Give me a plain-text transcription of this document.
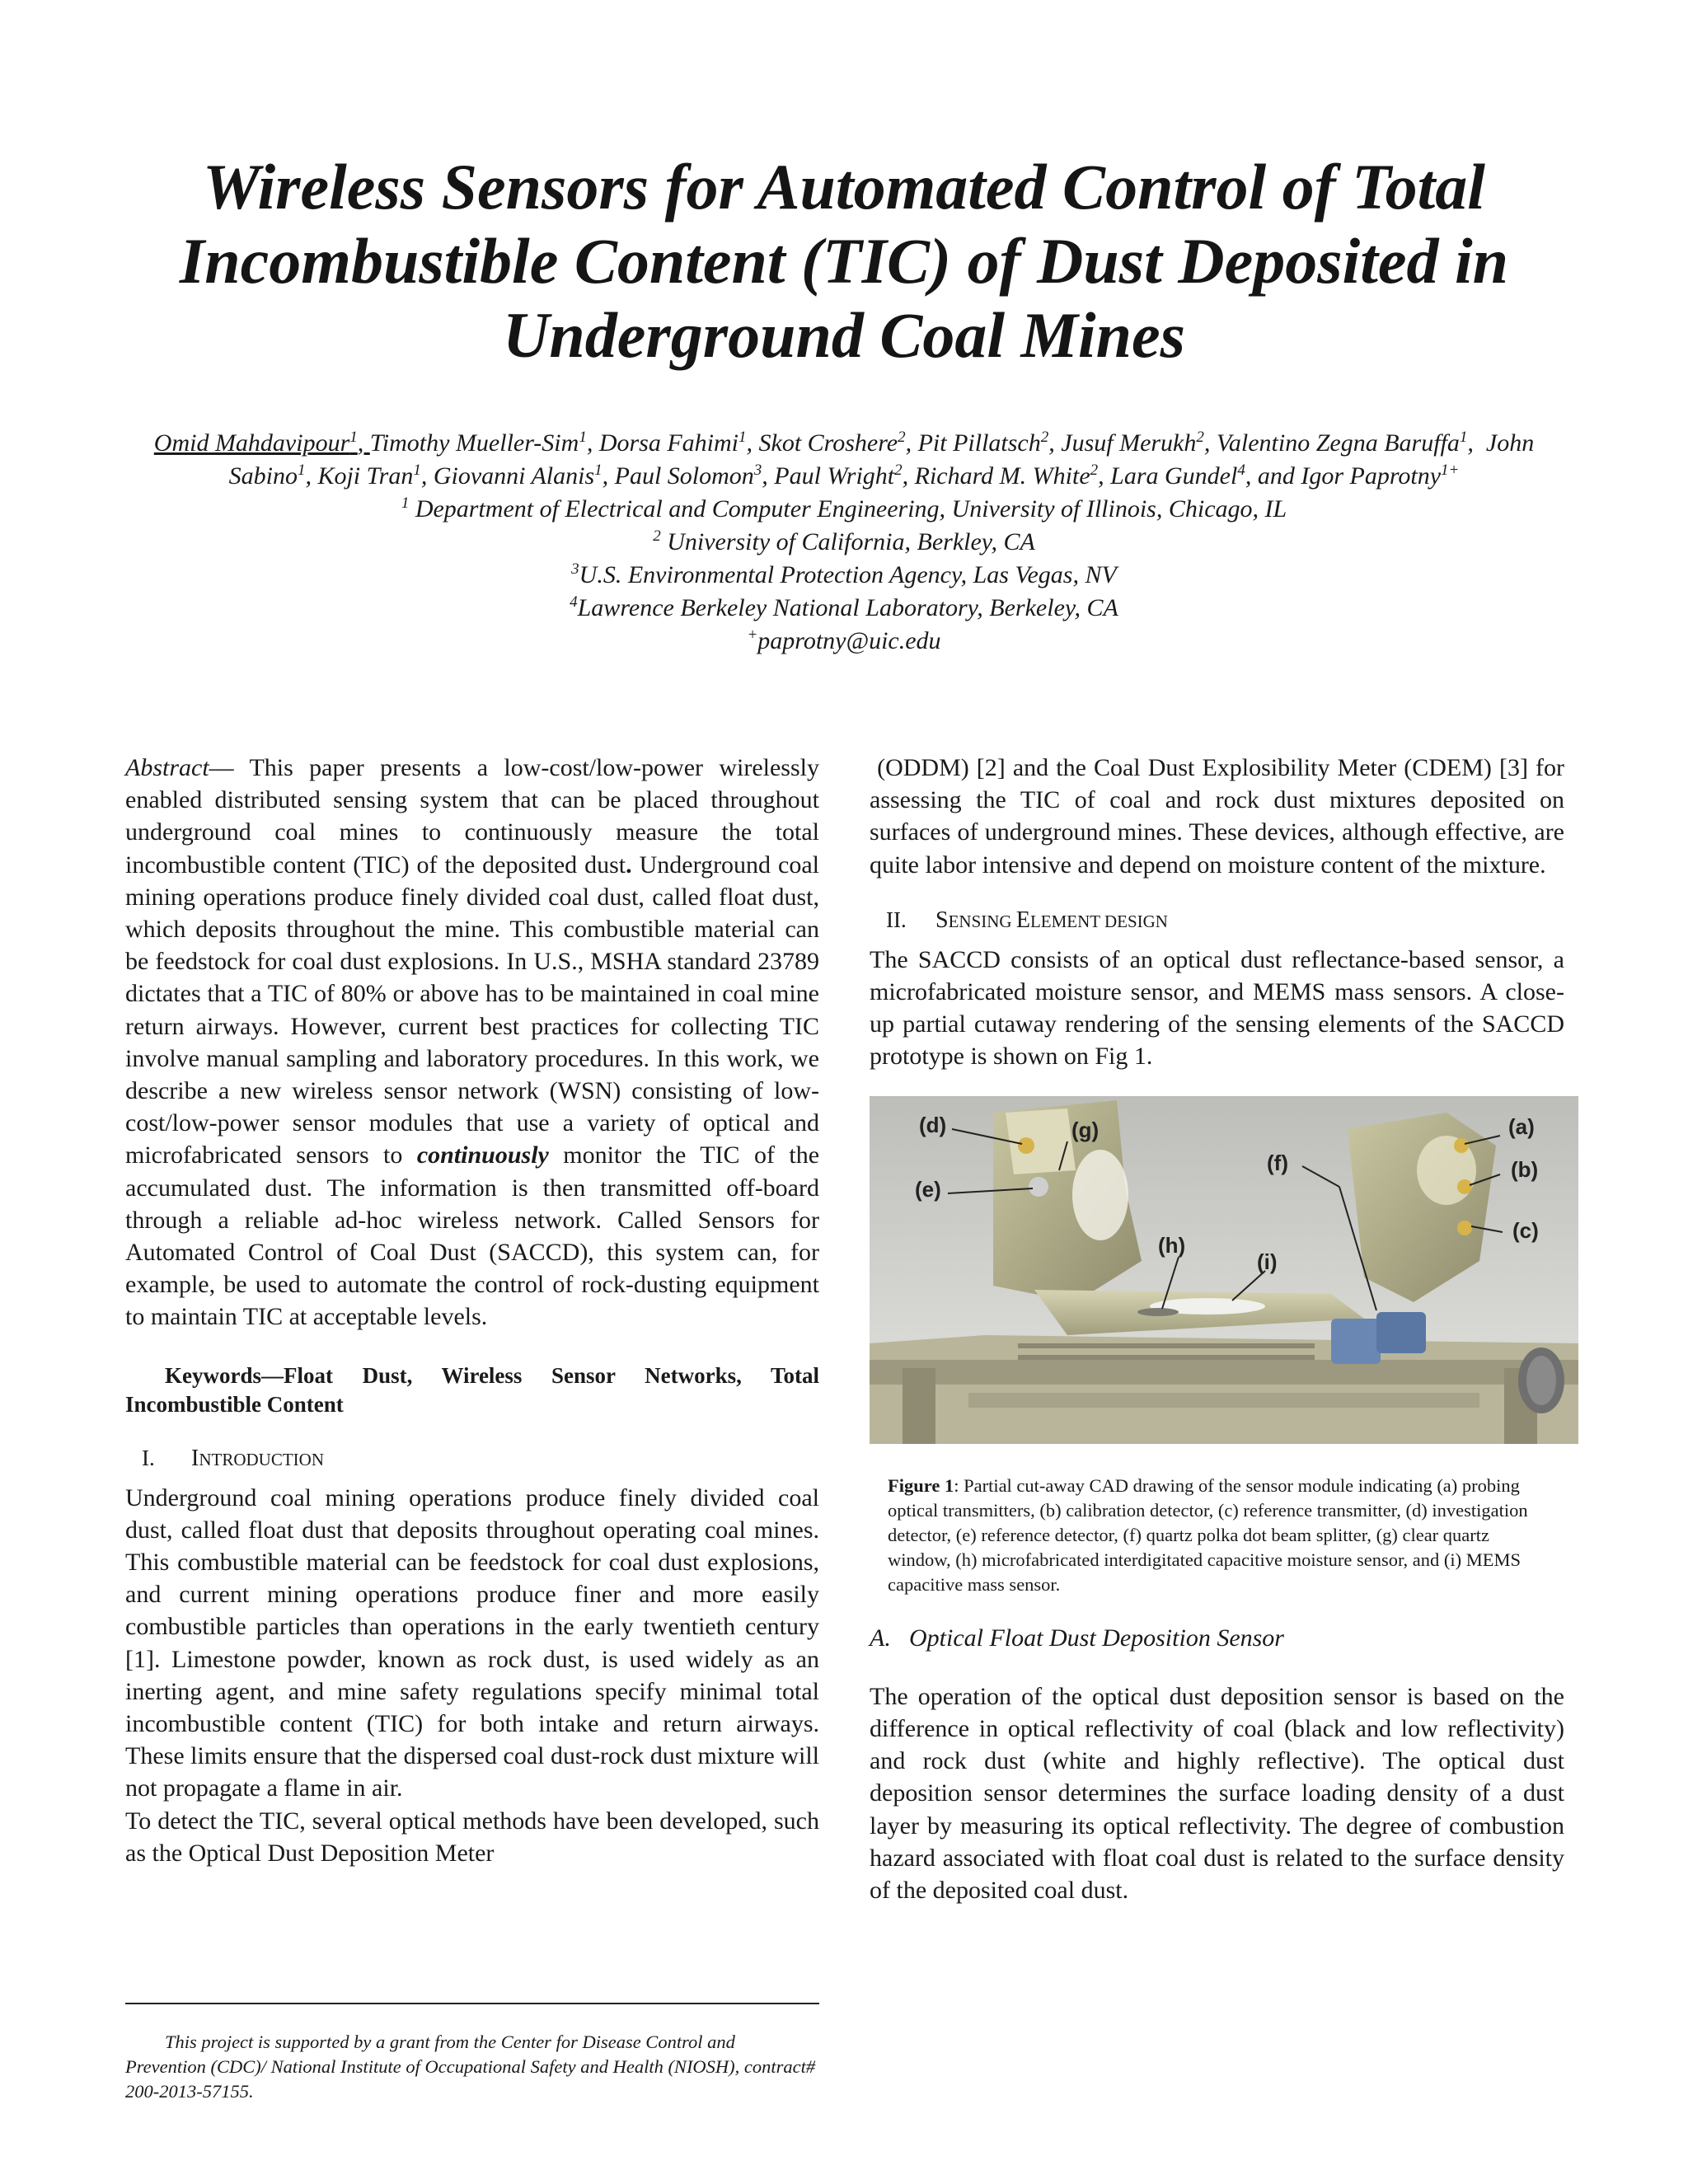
Wireless Sensors for Automated Control of Total Incombustible Content (TIC) of Dust Deposited in Underground Coal Mines

Omid Mahdavipour$^1$, Timothy Mueller-Sim$^1$, Dorsa Fahimi$^1$, Skot Croshere$^2$, Pit Pillatsch$^2$, Jusuf Merukh$^2$, Valentino Zegna Baruffa$^1$,  John Sabino$^1$, Koji Tran$^1$, Giovanni Alanis$^1$, Paul Solomon$^3$, Paul Wright$^2$, Richard M. White$^2$, Lara Gundel$^4$, and Igor Paprotny$^{1+}$

$^1$ Department of Electrical and Computer Engineering, University of Illinois, Chicago, IL

$^2$ University of California, Berkley, CA

$^3$U.S. Environmental Protection Agency, Las Vegas, NV

$^4$Lawrence Berkeley National Laboratory, Berkeley, CA

+paprotny@uic.edu

Abstract— This paper presents a low-cost/low-power wirelessly enabled distributed sensing system that can be placed throughout underground coal mines to continuously measure the total incombustible content (TIC) of the deposited dust. Underground coal mining operations produce finely divided coal dust, called float dust, which deposits throughout the mine. This combustible material can be feedstock for coal dust explosions. In U.S., MSHA standard 23789 dictates that a TIC of 80% or above has to be maintained in coal mine return airways. However, current best practices for collecting TIC involve manual sampling and laboratory procedures. In this work, we describe a new wireless sensor network (WSN) consisting of low-cost/low-power sensor modules that use a variety of optical and microfabricated sensors to continuously monitor the TIC of the accumulated dust. The information is then transmitted off-board through a reliable ad-hoc wireless network. Called Sensors for Automated Control of Coal Dust (SACCD), this system can, for example, be used to automate the control of rock-dusting equipment to maintain TIC at acceptable levels.

Keywords—Float Dust, Wireless Sensor Networks, Total Incombustible Content

I. INTRODUCTION

Underground coal mining operations produce finely divided coal dust, called float dust that deposits throughout operating coal mines. This combustible material can be feedstock for coal dust explosions, and current mining operations produce finer and more easily combustible particles than operations in the early twentieth century [1]. Limestone powder, known as rock dust, is used widely as an inerting agent, and mine safety regulations specify minimal total incombustible content (TIC) for both intake and return airways. These limits ensure that the dispersed coal dust-rock dust mixture will not propagate a flame in air.

To detect the TIC, several optical methods have been developed, such as the Optical Dust Deposition Meter

(ODDM) [2] and the Coal Dust Explosibility Meter (CDEM) [3] for assessing the TIC of coal and rock dust mixtures deposited on surfaces of underground mines. These devices, although effective, are quite labor intensive and depend on moisture content of the mixture.

II. SENSING ELEMENT DESIGN

The SACCD consists of an optical dust reflectance-based sensor, a microfabricated moisture sensor, and MEMS mass sensors. A close-up partial cutaway rendering of the sensing elements of the SACCD prototype is shown on Fig 1.

(a)
(b)
(c)
(d)
(e)
(f)
(g)
(h)
(i)

Figure 1: Partial cut-away CAD drawing of the sensor module indicating (a) probing optical transmitters, (b) calibration detector, (c) reference transmitter, (d) investigation detector, (e) reference detector, (f) quartz polka dot beam splitter, (g) clear quartz window, (h) microfabricated interdigitated capacitive moisture sensor, and (i) MEMS capacitive mass sensor.

A. Optical Float Dust Deposition Sensor

The operation of the optical dust deposition sensor is based on the difference in optical reflectivity of coal (black and low reflectivity) and rock dust (white and highly reflective). The optical dust deposition sensor determines the surface loading density of a dust layer by measuring its optical reflectivity. The degree of combustion hazard associated with float coal dust is related to the surface density of the deposited coal dust.

This project is supported by a grant from the Center for Disease Control and Prevention (CDC)/ National Institute of Occupational Safety and Health (NIOSH), contract# 200-2013-57155.
